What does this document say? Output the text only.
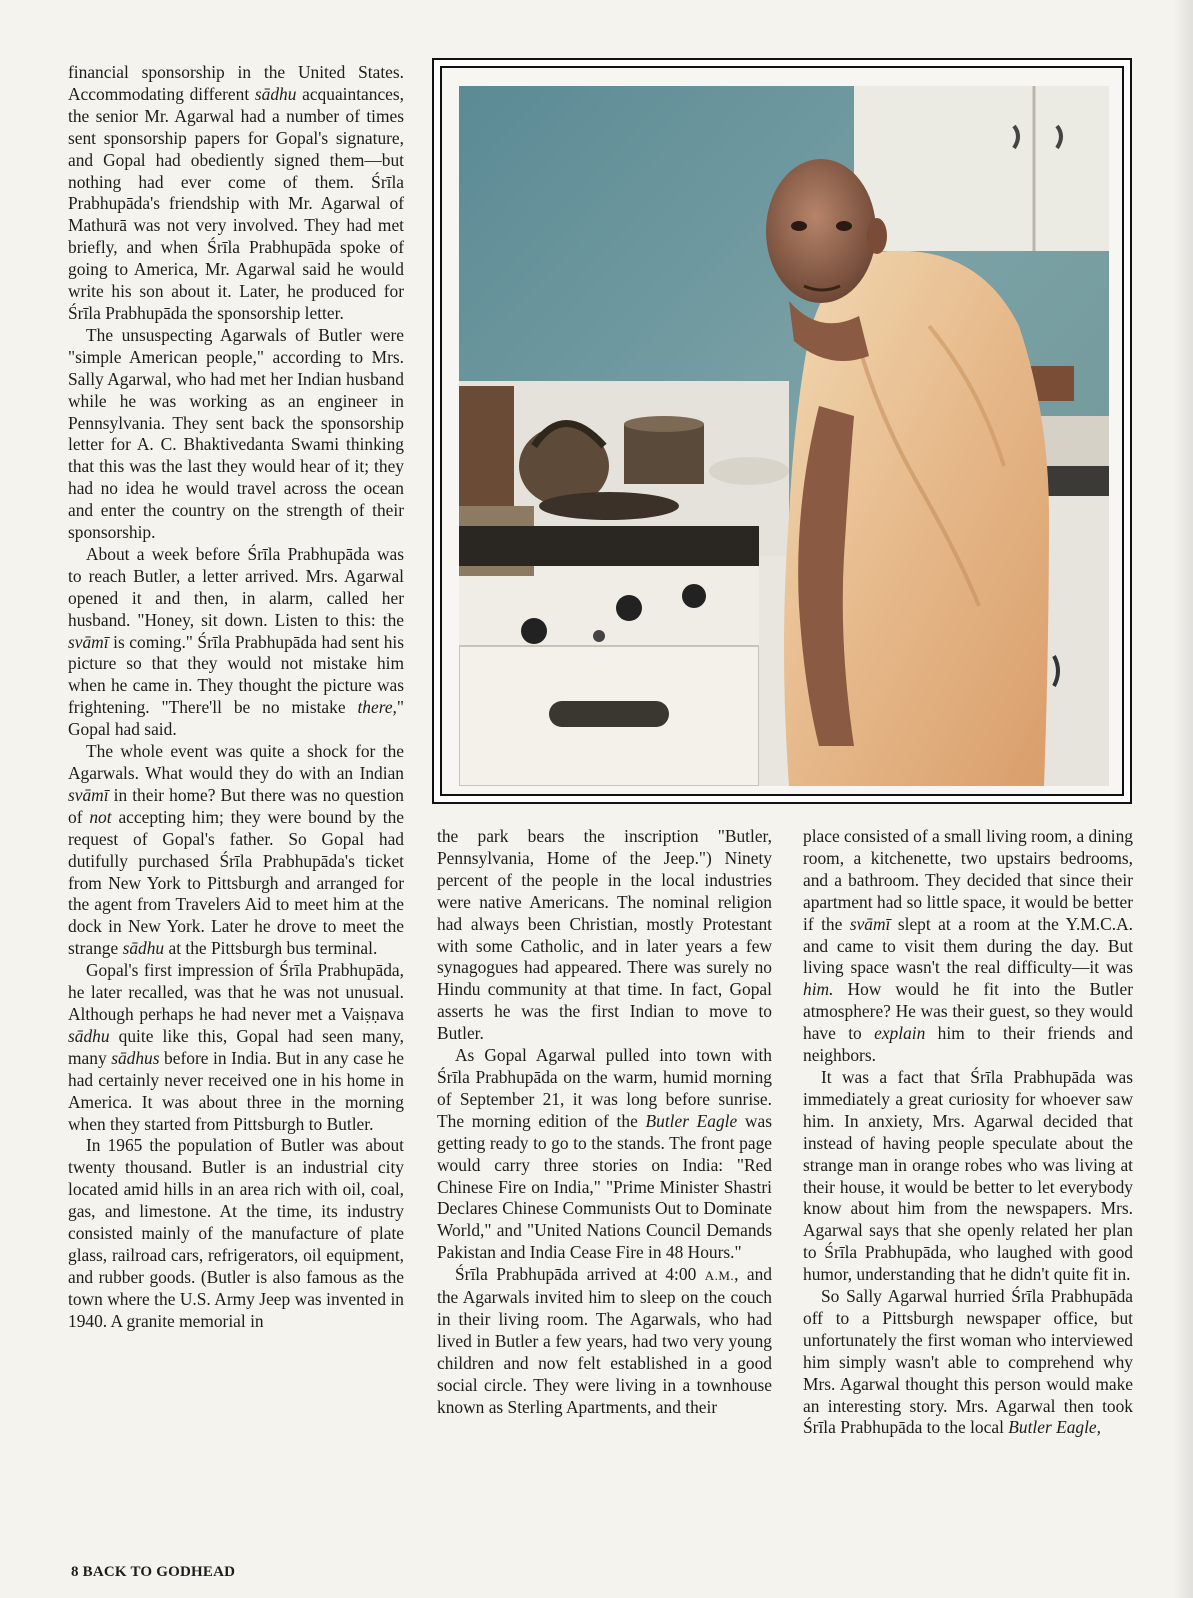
financial sponsorship in the United States. Accommodating different sādhu acquaintances, the senior Mr. Agarwal had a number of times sent sponsorship papers for Gopal's signature, and Gopal had obediently signed them—but nothing had ever come of them. Śrīla Prabhupāda's friendship with Mr. Agarwal of Mathurā was not very involved. They had met briefly, and when Śrīla Prabhupāda spoke of going to America, Mr. Agarwal said he would write his son about it. Later, he produced for Śrīla Prabhupāda the sponsorship letter.

The unsuspecting Agarwals of Butler were "simple American people," according to Mrs. Sally Agarwal, who had met her Indian husband while he was working as an engineer in Pennsylvania. They sent back the sponsorship letter for A. C. Bhaktivedanta Swami thinking that this was the last they would hear of it; they had no idea he would travel across the ocean and enter the country on the strength of their sponsorship.

About a week before Śrīla Prabhupāda was to reach Butler, a letter arrived. Mrs. Agarwal opened it and then, in alarm, called her husband. "Honey, sit down. Listen to this: the svāmī is coming." Śrīla Prabhupāda had sent his picture so that they would not mistake him when he came in. They thought the picture was frightening. "There'll be no mistake there," Gopal had said.

The whole event was quite a shock for the Agarwals. What would they do with an Indian svāmī in their home? But there was no question of not accepting him; they were bound by the request of Gopal's father. So Gopal had dutifully purchased Śrīla Prabhupāda's ticket from New York to Pittsburgh and arranged for the agent from Travelers Aid to meet him at the dock in New York. Later he drove to meet the strange sādhu at the Pittsburgh bus terminal.

Gopal's first impression of Śrīla Prabhupāda, he later recalled, was that he was not unusual. Although perhaps he had never met a Vaiṣṇava sādhu quite like this, Gopal had seen many, many sādhus before in India. But in any case he had certainly never received one in his home in America. It was about three in the morning when they started from Pittsburgh to Butler.

In 1965 the population of Butler was about twenty thousand. Butler is an industrial city located amid hills in an area rich with oil, coal, gas, and limestone. At the time, its industry consisted mainly of the manufacture of plate glass, railroad cars, refrigerators, oil equipment, and rubber goods. (Butler is also famous as the town where the U.S. Army Jeep was invented in 1940. A granite memorial in

the park bears the inscription "Butler, Pennsylvania, Home of the Jeep.") Ninety percent of the people in the local industries were native Americans. The nominal religion had always been Christian, mostly Protestant with some Catholic, and in later years a few synagogues had appeared. There was surely no Hindu community at that time. In fact, Gopal asserts he was the first Indian to move to Butler.

As Gopal Agarwal pulled into town with Śrīla Prabhupāda on the warm, humid morning of September 21, it was long before sunrise. The morning edition of the Butler Eagle was getting ready to go to the stands. The front page would carry three stories on India: "Red Chinese Fire on India," "Prime Minister Shastri Declares Chinese Communists Out to Dominate World," and "United Nations Council Demands Pakistan and India Cease Fire in 48 Hours."

Śrīla Prabhupāda arrived at 4:00 A.M., and the Agarwals invited him to sleep on the couch in their living room. The Agarwals, who had lived in Butler a few years, had two very young children and now felt established in a good social circle. They were living in a townhouse known as Sterling Apartments, and their

place consisted of a small living room, a dining room, a kitchenette, two upstairs bedrooms, and a bathroom. They decided that since their apartment had so little space, it would be better if the svāmī slept at a room at the Y.M.C.A. and came to visit them during the day. But living space wasn't the real difficulty—it was him. How would he fit into the Butler atmosphere? He was their guest, so they would have to explain him to their friends and neighbors.

It was a fact that Śrīla Prabhupāda was immediately a great curiosity for whoever saw him. In anxiety, Mrs. Agarwal decided that instead of having people speculate about the strange man in orange robes who was living at their house, it would be better to let everybody know about him from the newspapers. Mrs. Agarwal says that she openly related her plan to Śrīla Prabhupāda, who laughed with good humor, understanding that he didn't quite fit in.

So Sally Agarwal hurried Śrīla Prabhupāda off to a Pittsburgh newspaper office, but unfortunately the first woman who interviewed him simply wasn't able to comprehend why Mrs. Agarwal thought this person would make an interesting story. Mrs. Agarwal then took Śrīla Prabhupāda to the local Butler Eagle,

8 BACK TO GODHEAD
